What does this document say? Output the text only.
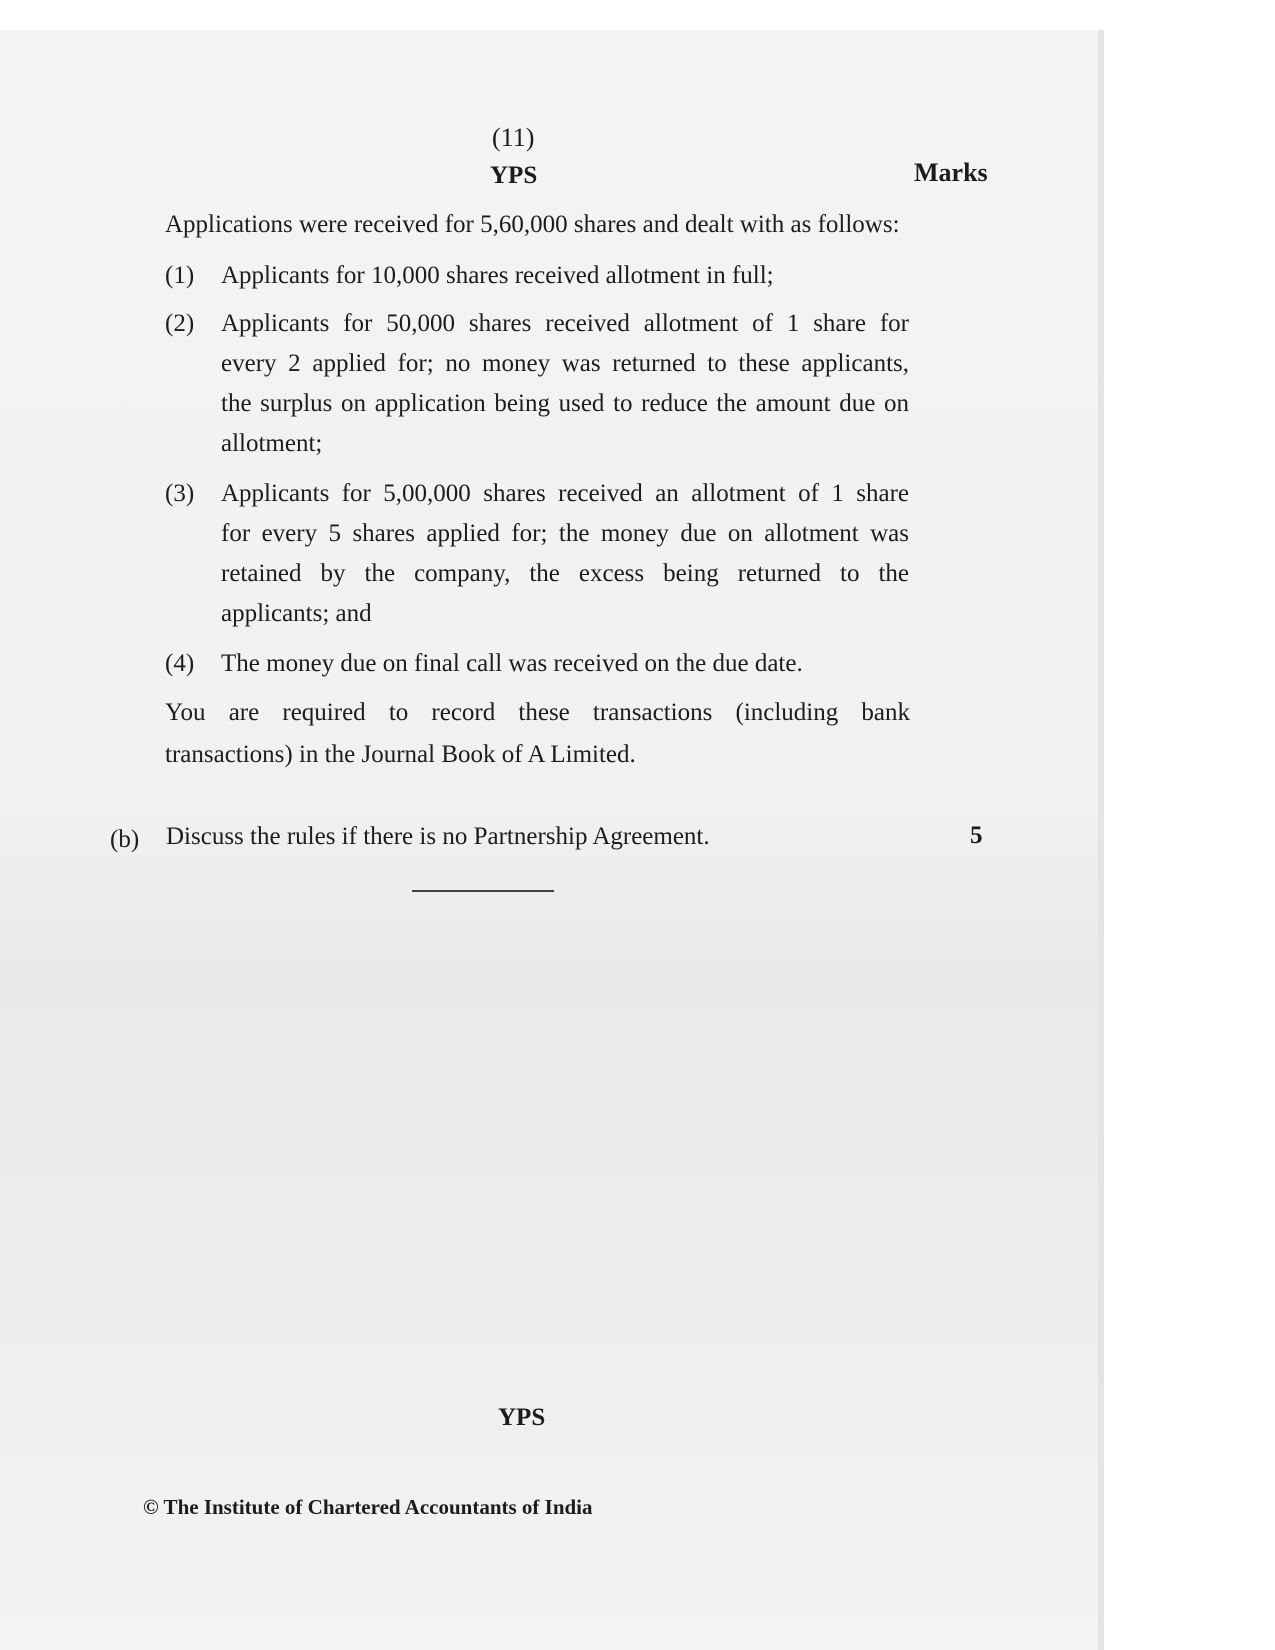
(11)
YPS	Marks
Applications were received for 5,60,000 shares and dealt with as follows:
(1) Applicants for 10,000 shares received allotment in full;
(2) Applicants for 50,000 shares received allotment of 1 share for
every 2 applied for; no money was returned to these applicants,
the surplus on application being used to reduce the amount due on
allotment;
(3) Applicants for 5,00,000 shares received an allotment of 1 share
for every 5 shares applied for; the money due on allotment was
retained by the company, the excess being returned to the
applicants; and
(4) The money due on final call was received on the due date.
You are required to record these transactions (including bank
transactions) in the Journal Book of A Limited.
(b) Discuss the rules if there is no Partnership Agreement.	5
YPS
© The Institute of Chartered Accountants of India
